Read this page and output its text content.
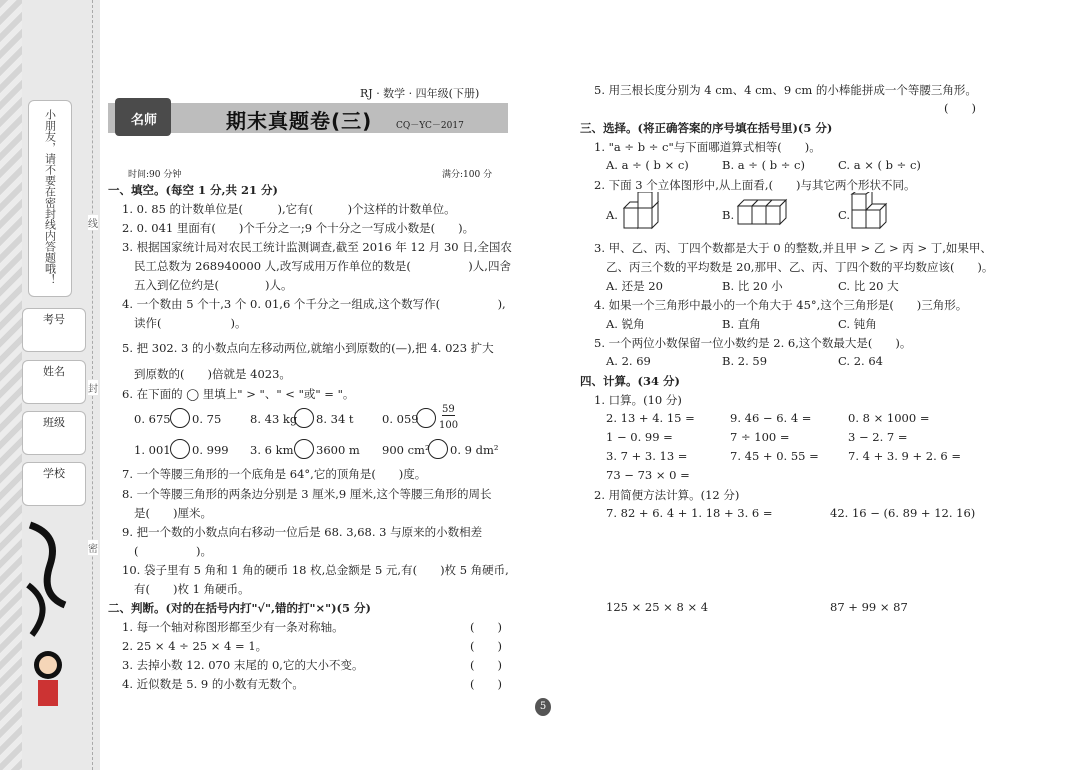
小朋友，请不要在密封线内答题哦！
考号
姓名
班级
学校
线
封
密
RJ · 数学 · 四年级(下册)
期末真题卷(三)	CQ－YC－2017
名师
时间:90 分钟	满分:100 分
一、填空。(每空 1 分,共 21 分)
1. 0. 85 的计数单位是(　　　),它有(　　　)个这样的计数单位。
2. 0. 041 里面有(　　)个千分之一;9 个十分之一写成小数是(　　)。
3. 根据国家统计局对农民工统计监测调查,截至 2016 年 12 月 30 日,全国农
民工总数为 268940000 人,改写成用万作单位的数是(　　　　　)人,四舍
五入到亿位约是(　　　　)人。
4. 一个数由 5 个十,3 个 0. 01,6 个千分之一组成,这个数写作(　　　　　),
读作(　　　　　　)。
5. 把 302. 3 的小数点向左移动两位,就缩小到原数的(—),把 4. 023 扩大
到原数的(　　)倍就是 4023。
6. 在下面的 ◯ 里填上" > "、" < "或" = "。
0. 675 0. 75 8. 43 kg 8. 34 t 0. 059
59
100
1. 001 0. 999 3. 6 km 3600 m 900 cm² 0. 9 dm²
7. 一个等腰三角形的一个底角是 64°,它的顶角是(　　)度。
8. 一个等腰三角形的两条边分别是 3 厘米,9 厘米,这个等腰三角形的周长
是(　　)厘米。
9. 把一个数的小数点向右移动一位后是 68. 3,68. 3 与原来的小数相差
(　　　　　)。
10. 袋子里有 5 角和 1 角的硬币 18 枚,总金额是 5 元,有(　　)枚 5 角硬币,
有(　　)枚 1 角硬币。
二、判断。(对的在括号内打"√",错的打"×")(5 分)
1. 每一个轴对称图形都至少有一条对称轴。	(　　)
2. 25 × 4 ÷ 25 × 4 = 1。	(　　)
3. 去掉小数 12. 070 末尾的 0,它的大小不变。	(　　)
4. 近似数是 5. 9 的小数有无数个。	(　　)
5. 用三根长度分别为 4 cm、4 cm、9 cm 的小棒能拼成一个等腰三角形。
(　　)
三、选择。(将正确答案的序号填在括号里)(5 分)
1. "a ÷ b ÷ c"与下面哪道算式相等(　　)。
A. a ÷ ( b × c)	B. a ÷ ( b ÷ c)	C. a × ( b ÷ c)
2. 下面 3 个立体图形中,从上面看,(　　)与其它两个形状不同。
A.	B.	C.
3. 甲、乙、丙、丁四个数都是大于 0 的整数,并且甲 > 乙 > 丙 > 丁,如果甲、
乙、丙三个数的平均数是 20,那甲、乙、丙、丁四个数的平均数应该(　　)。
A. 还是 20	B. 比 20 小	C. 比 20 大
4. 如果一个三角形中最小的一个角大于 45°,这个三角形是(　　)三角形。
A. 锐角	B. 直角	C. 钝角
5. 一个两位小数保留一位小数约是 2. 6,这个数最大是(　　)。
A. 2. 69	B. 2. 59	C. 2. 64
四、计算。(34 分)
1. 口算。(10 分)
2. 13 + 4. 15 =	9. 46 − 6. 4 =	0. 8 × 1000 =
1 − 0. 99 =	7 ÷ 100 =	3 − 2. 7 =
3. 7 + 3. 13 =	7. 45 + 0. 55 =	7. 4 + 3. 9 + 2. 6 =
73 − 73 × 0 =
2. 用简便方法计算。(12 分)
7. 82 + 6. 4 + 1. 18 + 3. 6 =	42. 16 − (6. 89 + 12. 16)
125 × 25 × 8 × 4	87 + 99 × 87
5
